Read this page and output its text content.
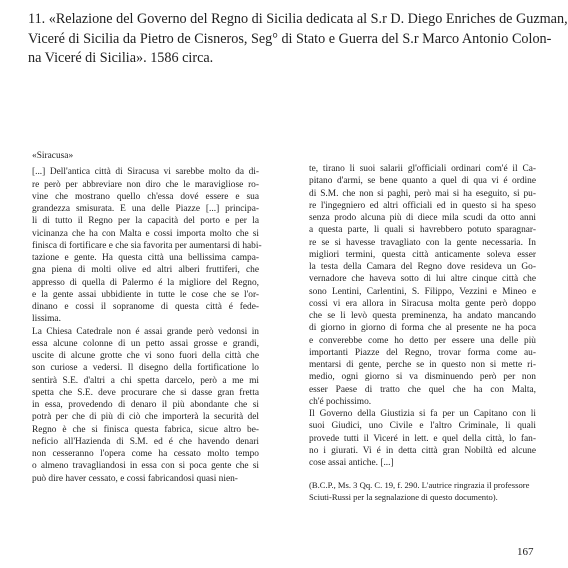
11. «Relazione del Governo del Regno di Sicilia dedicata al S.r D. Diego Enriches de Guzman,
Viceré di Sicilia da Pietro de Cisneros, Seg° di Stato e Guerra del S.r Marco Antonio Colon-
na Viceré di Sicilia». 1586 circa.
«Siracusa»
[...] Dell'antica città di Siracusa vi sarebbe molto da di-
re però per abbreviare non diro che le maravigliose ro-
vine che mostrano quello ch'essa dové essere e sua
grandezza smisurata. E una delle Piazze [...] principa-
li di tutto il Regno per la capacità del porto e per la
vicinanza che ha con Malta e cossi importa molto che si
finisca di fortificare e che sia favorita per aumentarsi di habi-
tazione e gente. Ha questa città una bellissima campa-
gna piena di molti olive ed altri alberi fruttiferi, che
appresso di quella di Palermo é la migliore del Regno,
e la gente assai ubbidiente in tutte le cose che se l'or-
dinano e cossi il sopranome di questa città é fede-
lissima.
La Chiesa Catedrale non é assai grande però vedonsi in
essa alcune colonne di un petto assai grosse e grandi,
uscite di alcune grotte che vi sono fuori della città che
son curiose a vedersi. Il disegno della fortificatione lo
sentirà S.E. d'altri a chi spetta darcelo, però a me mi
spetta che S.E. deve procurare che si dasse gran fretta
in essa, provedendo di denaro il più abondante che si
potrà per che di più di ciò che importerà la securità del
Regno è che si finisca questa fabrica, sicue altro be-
neficio all'Hazienda di S.M. ed é che havendo denari
non cesseranno l'opera come ha cessato molto tempo
o almeno travagliandosi in essa con si poca gente che si
può dire haver cessato, e cossi fabricandosi quasi nien-
te, tirano li suoi salarii gl'officiali ordinari com'é il Ca-
pitano d'armi, se bene quanto a quel di qua vi é ordine
di S.M. che non si paghi, però mai si ha eseguito, si pu-
re l'ingegniero ed altri officiali ed in questo si ha speso
senza prodo alcuna più di diece mila scudi da otto anni
a questa parte, li quali si havrebbero potuto sparagnar-
re se si havesse travagliato con la gente necessaria. In
migliori termini, questa città anticamente soleva esser
la testa della Camara del Regno dove resideva un Go-
vernadore che haveva sotto di lui altre cinque città che
sono Lentini, Carlentini, S. Filippo, Vezzini e Mineo e
cossi vi era allora in Siracusa molta gente però doppo
che se li levò questa preminenza, ha andato mancando
di giorno in giorno di forma che al presente ne ha poca
e converebbe come ho detto per essere una delle più
importanti Piazze del Regno, trovar forma come au-
mentarsi di gente, perche se in questo non si mette ri-
medio, ogni giorno si va disminuendo però per non
esser Paese di tratto che quel che ha con Malta,
ch'é pochissimo.
Il Governo della Giustizia si fa per un Capitano con li
suoi Giudici, uno Civile e l'altro Criminale, li quali
provede tutti il Viceré in lett. e quel della città, lo fan-
no i giurati. Vi é in detta città gran Nobiltà ed alcune
cose assai antiche. [...]
(B.C.P., Ms. 3 Qq. C. 19, f. 290. L'autrice ringrazia il professore
Sciuti-Russi per la segnalazione di questo documento).
167
